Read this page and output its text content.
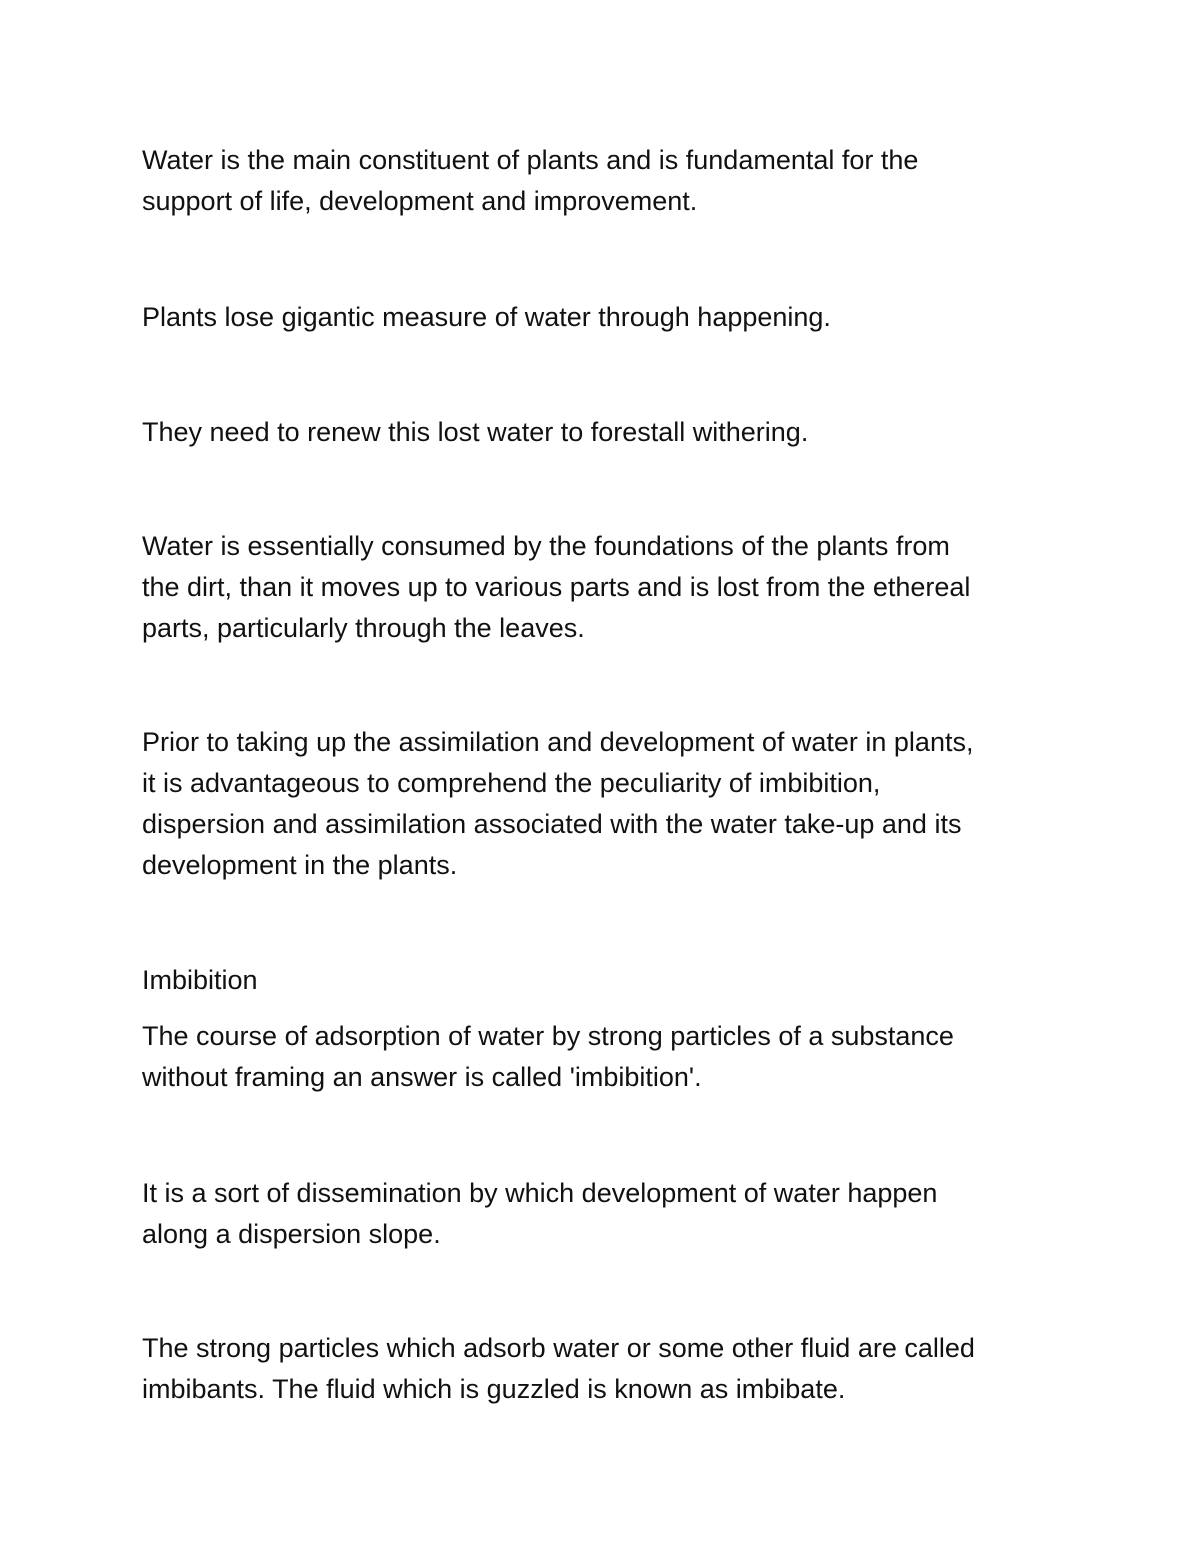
Water is the main constituent of plants and is fundamental for the
support of life, development and improvement.

Plants lose gigantic measure of water through happening.

They need to renew this lost water to forestall withering.

Water is essentially consumed by the foundations of the plants from
the dirt, than it moves up to various parts and is lost from the ethereal
parts, particularly through the leaves.

Prior to taking up the assimilation and development of water in plants,
it is advantageous to comprehend the peculiarity of imbibition,
dispersion and assimilation associated with the water take-up and its
development in the plants.

Imbibition

The course of adsorption of water by strong particles of a substance
without framing an answer is called 'imbibition'.

It is a sort of dissemination by which development of water happen
along a dispersion slope.

The strong particles which adsorb water or some other fluid are called
imbibants. The fluid which is guzzled is known as imbibate.
